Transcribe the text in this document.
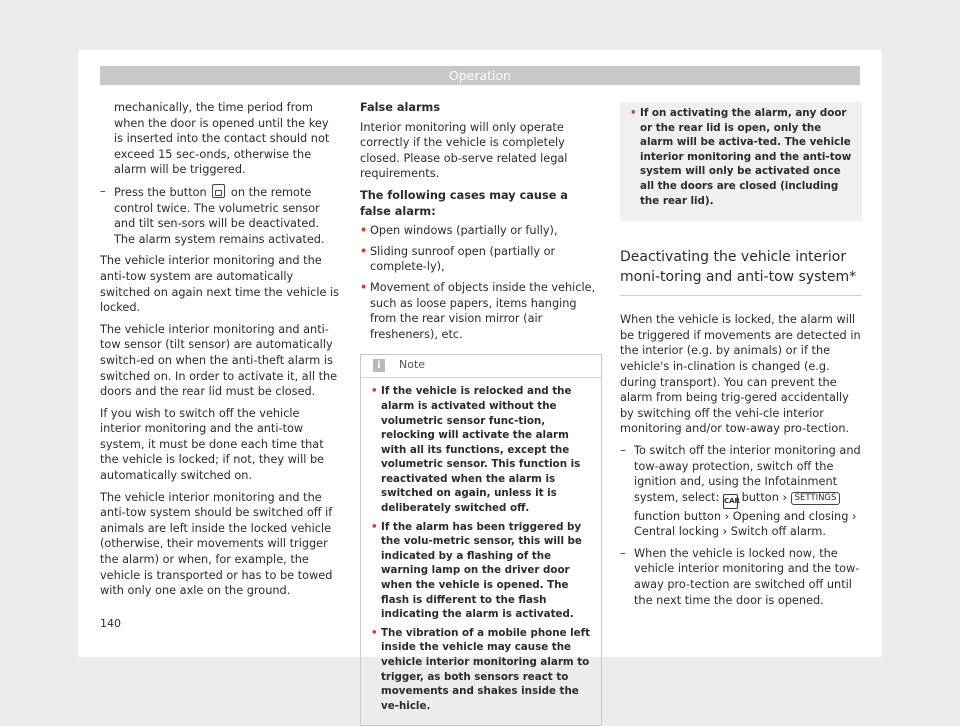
Operation

mechanically, the time period from when the door is opened until the key is inserted into the contact should not exceed 15 sec-onds, otherwise the alarm will be triggered.

– Press the button on the remote control twice. The volumetric sensor and tilt sen-sors will be deactivated. The alarm system remains activated.

The vehicle interior monitoring and the anti-tow system are automatically switched on again next time the vehicle is locked.

The vehicle interior monitoring and anti-tow sensor (tilt sensor) are automatically switch-ed on when the anti-theft alarm is switched on. In order to activate it, all the doors and the rear lid must be closed.

If you wish to switch off the vehicle interior monitoring and the anti-tow system, it must be done each time that the vehicle is locked; if not, they will be automatically switched on.

The vehicle interior monitoring and the anti-tow system should be switched off if animals are left inside the locked vehicle (otherwise, their movements will trigger the alarm) or when, for example, the vehicle is transported or has to be towed with only one axle on the ground.

False alarms

Interior monitoring will only operate correctly if the vehicle is completely closed. Please ob-serve related legal requirements.

The following cases may cause a false alarm:
• Open windows (partially or fully),
• Sliding sunroof open (partially or complete-ly),
• Movement of objects inside the vehicle, such as loose papers, items hanging from the rear vision mirror (air fresheners), etc.
i	Note
• If the vehicle is relocked and the alarm is activated without the volumetric sensor func-tion, relocking will activate the alarm with all its functions, except the volumetric sensor. This function is reactivated when the alarm is switched on again, unless it is deliberately switched off.
• If the alarm has been triggered by the volu-metric sensor, this will be indicated by a flashing of the warning lamp on the driver door when the vehicle is opened. The flash is different to the flash indicating the alarm is activated.
• The vibration of a mobile phone left inside the vehicle may cause the vehicle interior monitoring alarm to trigger, as both sensors react to movements and shakes inside the ve-hicle.
• If on activating the alarm, any door or the rear lid is open, only the alarm will be activa-ted. The vehicle interior monitoring and the anti-tow system will only be activated once all the doors are closed (including the rear lid).
Deactivating the vehicle interior moni-toring and anti-tow system*

When the vehicle is locked, the alarm will be triggered if movements are detected in the interior (e.g. by animals) or if the vehicle's in-clination is changed (e.g. during transport). You can prevent the alarm from being trig-gered accidentally by switching off the vehi-cle interior monitoring and/or tow-away pro-tection.

– To switch off the interior monitoring and tow-away protection, switch off the ignition and, using the Infotainment system, select: CAR button › SETTINGS function button › Opening and closing › Central locking › Switch off alarm.
– When the vehicle is locked now, the vehicle interior monitoring and the tow-away pro-tection are switched off until the next time the door is opened.
140
